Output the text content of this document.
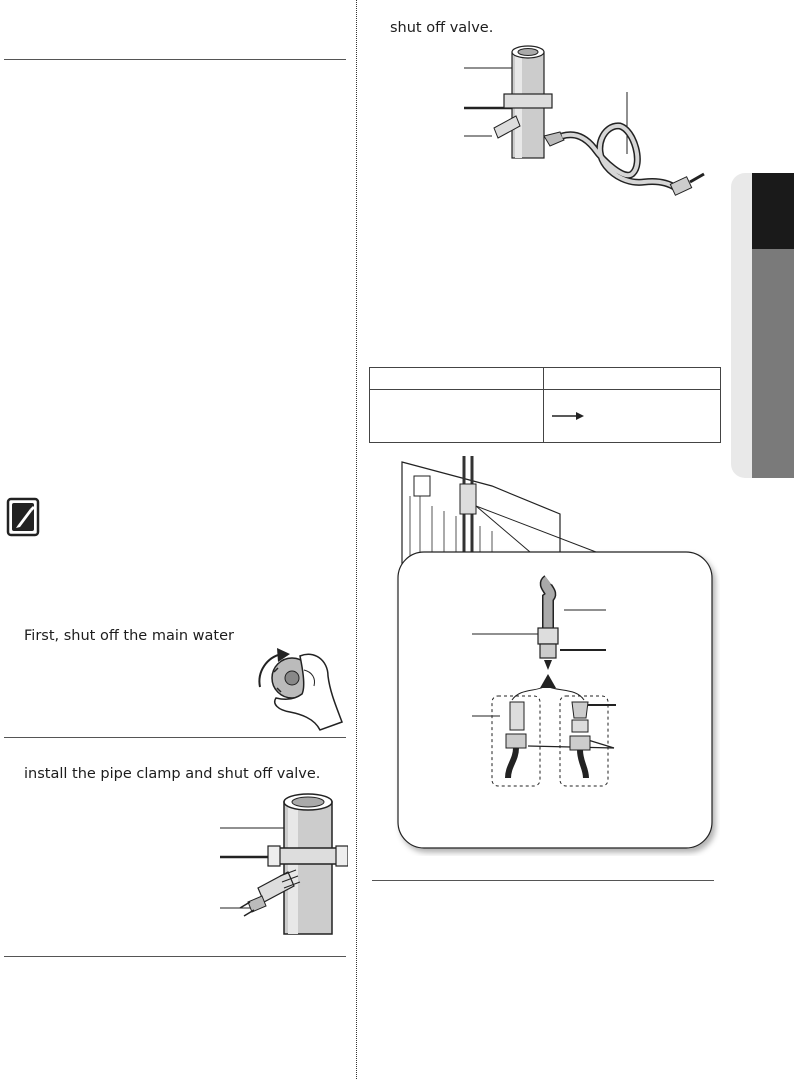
First, shut off the main water
install the pipe clamp and shut off valve.
shut off valve.
